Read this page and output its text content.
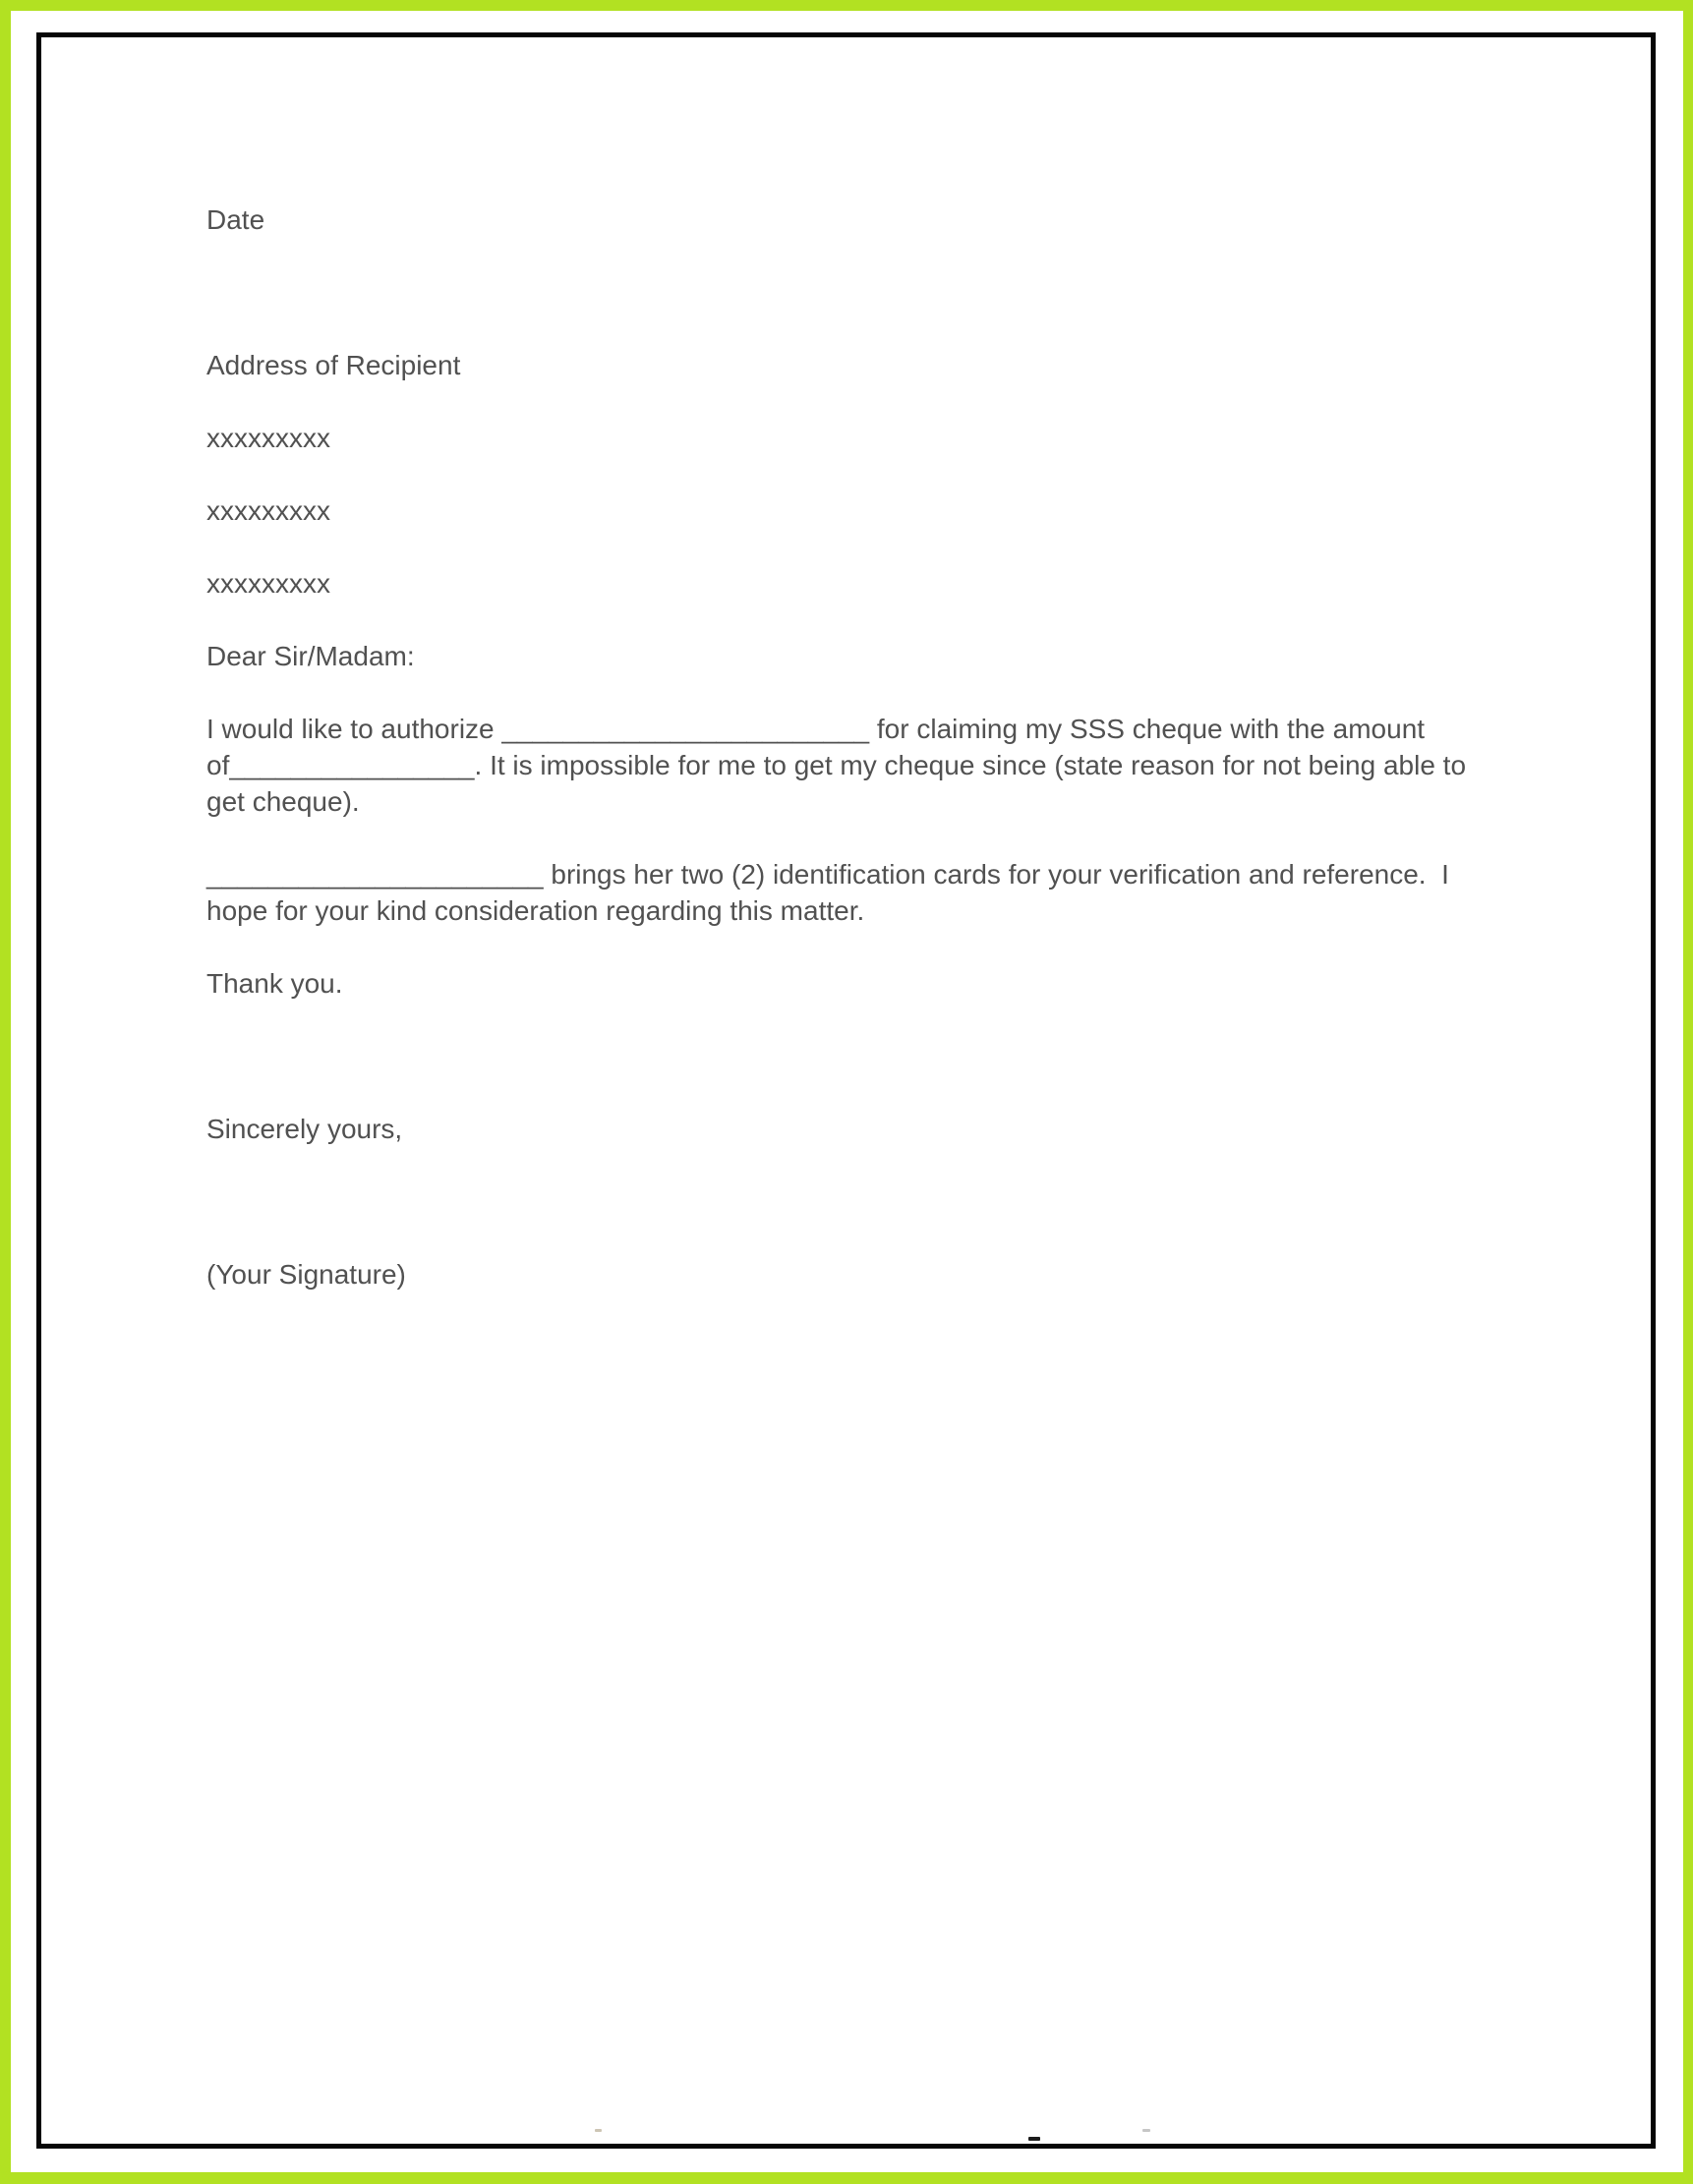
Date

Address of Recipient

xxxxxxxxx

xxxxxxxxx

xxxxxxxxx

Dear Sir/Madam:

I would like to authorize ________________________ for claiming my SSS cheque with the amount of________________. It is impossible for me to get my cheque since (state reason for not being able to get cheque).

______________________ brings her two (2) identification cards for your verification and reference.  I hope for your kind consideration regarding this matter.

Thank you.

Sincerely yours,

(Your Signature)
